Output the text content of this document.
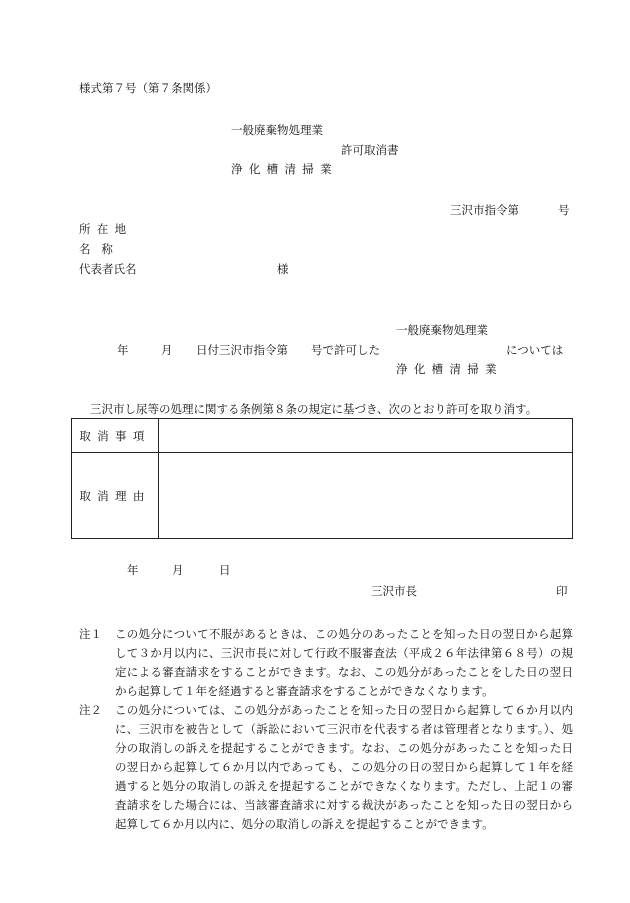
様式第７号（第７条関係）
一般廃棄物処理業
許可取消書
浄化槽清掃業
三沢市指令第	号
所在地
名称
代表者氏名	様
一般廃棄物処理業
年	月 日付三沢市指令第 号で許可した	については
浄化槽清掃業
三沢市し尿等の処理に関する条例第８条の規定に基づき、次のとおり許可を取り消す。
取消事項	
取消理由	
年	月	日
三沢市長	印
注１	この処分について不服があるときは、この処分のあったことを知った日の翌日から起算して３か月以内に、三沢市長に対して行政不服審査法（平成２６年法律第６８号）の規定による審査請求をすることができます。なお、この処分があったことをした日の翌日から起算して１年を経過すると審査請求をすることができなくなります。
注２	この処分については、この処分があったことを知った日の翌日から起算して６か月以内に、三沢市を被告として（訴訟において三沢市を代表する者は管理者となります。）、処分の取消しの訴えを提起することができます。なお、この処分があったことを知った日の翌日から起算して６か月以内であっても、この処分の日の翌日から起算して１年を経過すると処分の取消しの訴えを提起することができなくなります。ただし、上記１の審査請求をした場合には、当該審査請求に対する裁決があったことを知った日の翌日から起算して６か月以内に、処分の取消しの訴えを提起することができます。
